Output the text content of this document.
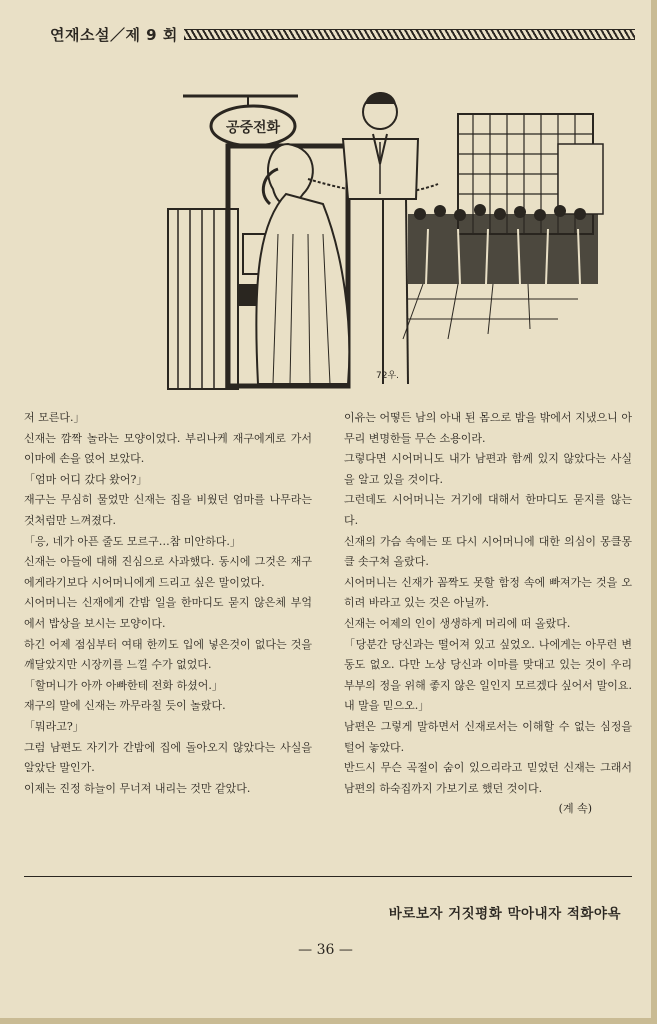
연재소설／제 9 회
공중전화
72우.

저 모른다.」

신재는 깜짝 놀라는 모양이었다. 부리나케 재구에게로 가서 이마에 손을 얹어 보았다.

「엄마 어디 갔다 왔어?」

재구는 무심히 물었만 신재는 집을 비웠던 엄마를 나무라는 것처럼만 느껴졌다.

「응, 네가 아픈 줄도 모르구…참 미안하다.」

신재는 아들에 대해 진심으로 사과했다. 동시에 그것은 재구에게라기보다 시어머니에게 드리고 싶은 말이었다.

시어머니는 신재에게 간밤 일을 한마디도 묻지 않은체 부엌에서 밥상을 보시는 모양이다.

하긴 어제 점심부터 여태 한끼도 입에 넣은것이 없다는 것을 깨달았지만 시장끼를 느낄 수가 없었다.

「할머니가 아까 아빠한테 전화 하셨어.」

재구의 말에 신재는 까무라칠 듯이 놀랐다.

「뭐라고?」

그럼 남편도 자기가 간밤에 집에 돌아오지 않았다는 사실을 알았단 말인가.

이제는 진정 하늘이 무너져 내리는 것만 같았다.

이유는 어떻든 남의 아내 된 몸으로 밤을 밖에서 지냈으니 아무리 변명한들 무슨 소용이라.

그렇다면 시어머니도 내가 남편과 함께 있지 않았다는 사실을 알고 있을 것이다.

그런데도 시어머니는 거기에 대해서 한마디도 묻지를 않는다.

신재의 가슴 속에는 또 다시 시어머니에 대한 의심이 몽클몽클 솟구쳐 올랐다.

시어머니는 신재가 꼼짝도 못할 함정 속에 빠져가는 것을 오히려 바라고 있는 것은 아닐까.

신재는 어제의 인이 생생하게 머리에 떠 올랐다.

「당분간 당신과는 떨어져 있고 싶었오. 나에게는 아무런 변동도 없오. 다만 노상 당신과 이마를 맞대고 있는 것이 우리 부부의 정을 위해 좋지 않은 일인지 모르겠다 싶어서 말이요. 내 말을 믿으오.」

남편은 그렇게 말하면서 신재로서는 이해할 수 없는 심정을 털어 놓았다.

반드시 무슨 곡절이 숨이 있으리라고 믿었던 신재는 그래서 남편의 하숙집까지 가보기로 했던 것이다.

(계 속)

바로보자 거짓평화 막아내자 적화야욕
— 36 —
